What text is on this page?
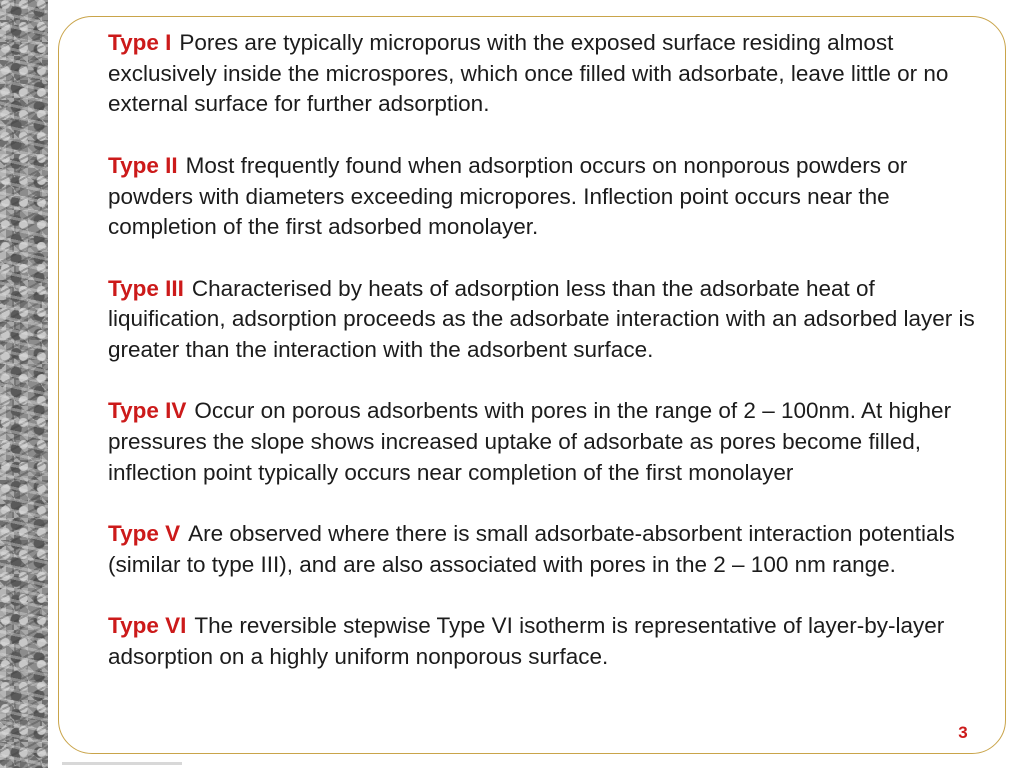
Type I Pores are typically microporus with the exposed surface residing almost exclusively inside the microspores, which once filled with adsorbate, leave little or no external surface for further adsorption.

Type II Most frequently found when adsorption occurs on nonporous powders or powders with diameters exceeding micropores. Inflection point occurs near the completion of the first adsorbed monolayer.

Type III Characterised by heats of adsorption less than the adsorbate heat of liquification, adsorption proceeds as the adsorbate interaction with an adsorbed layer is greater than the interaction with the adsorbent surface.

Type IV Occur on porous adsorbents with pores in the range of 2 – 100nm. At higher pressures the slope shows increased uptake of adsorbate as pores become filled, inflection point typically occurs near completion of the first monolayer

Type V Are observed where there is small adsorbate-absorbent interaction potentials (similar to type III), and are also associated with pores in the 2 – 100 nm range.

Type VI The reversible stepwise Type VI isotherm is representative of layer-by-layer adsorption on a highly uniform nonporous surface.

3
